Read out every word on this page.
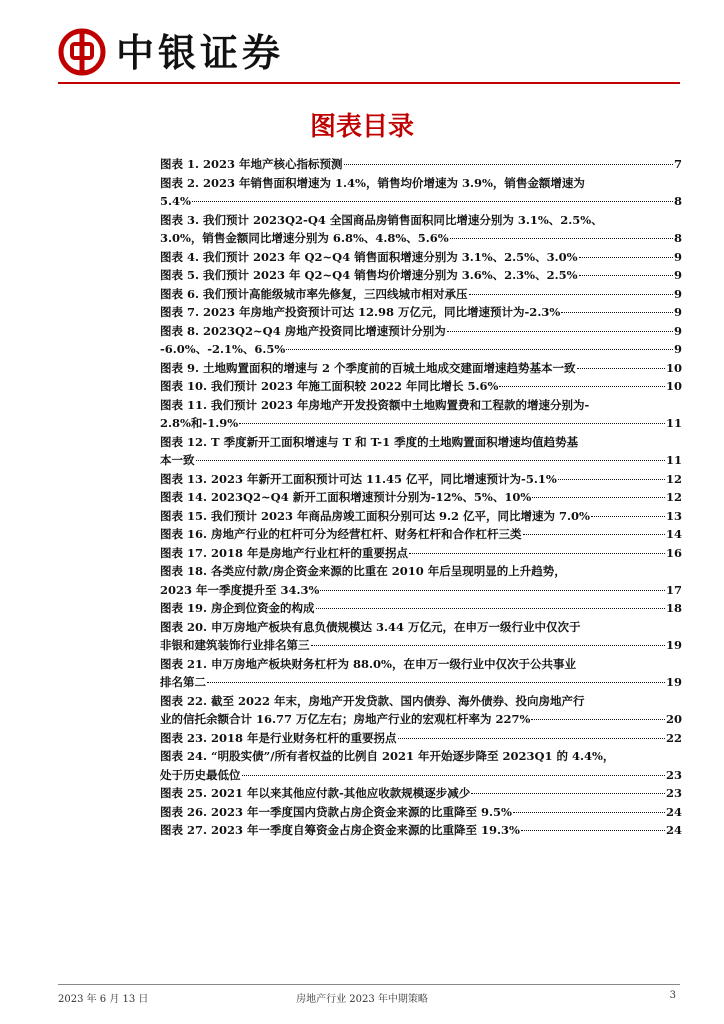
中银证券
图表目录
图表 1. 2023 年地产核心指标预测	7
图表 2. 2023 年销售面积增速为 1.4%，销售均价增速为 3.9%，销售金额增速为
5.4%	8
图表 3. 我们预计 2023Q2-Q4 全国商品房销售面积同比增速分别为 3.1%、2.5%、
3.0%，销售金额同比增速分别为 6.8%、4.8%、5.6%	8
图表 4. 我们预计 2023 年 Q2~Q4 销售面积增速分别为 3.1%、2.5%、3.0%	9
图表 5. 我们预计 2023 年 Q2~Q4 销售均价增速分别为 3.6%、2.3%、2.5%	9
图表 6. 我们预计高能级城市率先修复，三四线城市相对承压	9
图表 7. 2023 年房地产投资预计可达 12.98 万亿元，同比增速预计为-2.3%	9
图表 8. 2023Q2~Q4 房地产投资同比增速预计分别为	9
-6.0%、-2.1%、6.5%	9
图表 9. 土地购置面积的增速与 2 个季度前的百城土地成交建面增速趋势基本一致	10
图表 10. 我们预计 2023 年施工面积较 2022 年同比增长 5.6%	10
图表 11. 我们预计 2023 年房地产开发投资额中土地购置费和工程款的增速分别为-
2.8%和-1.9%	11
图表 12. T 季度新开工面积增速与 T 和 T-1 季度的土地购置面积增速均值趋势基
本一致	11
图表 13. 2023 年新开工面积预计可达 11.45 亿平，同比增速预计为-5.1%	12
图表 14. 2023Q2~Q4 新开工面积增速预计分别为-12%、5%、10%	12
图表 15. 我们预计 2023 年商品房竣工面积分别可达 9.2 亿平，同比增速为 7.0%	13
图表 16. 房地产行业的杠杆可分为经营杠杆、财务杠杆和合作杠杆三类	14
图表 17. 2018 年是房地产行业杠杆的重要拐点	16
图表 18. 各类应付款/房企资金来源的比重在 2010 年后呈现明显的上升趋势，
2023 年一季度提升至 34.3%	17
图表 19. 房企到位资金的构成	18
图表 20. 申万房地产板块有息负债规模达 3.44 万亿元，在申万一级行业中仅次于
非银和建筑装饰行业排名第三	19
图表 21. 申万房地产板块财务杠杆为 88.0%，在申万一级行业中仅次于公共事业
排名第二	19
图表 22. 截至 2022 年末，房地产开发贷款、国内债券、海外债券、投向房地产行
业的信托余额合计 16.77 万亿左右；房地产行业的宏观杠杆率为 227%	20
图表 23. 2018 年是行业财务杠杆的重要拐点	22
图表 24. “明股实债”/所有者权益的比例自 2021 年开始逐步降至 2023Q1 的 4.4%，
处于历史最低位	23
图表 25. 2021 年以来其他应付款-其他应收款规模逐步减少	23
图表 26. 2023 年一季度国内贷款占房企资金来源的比重降至 9.5%	24
图表 27. 2023 年一季度自筹资金占房企资金来源的比重降至 19.3%	24
2023 年 6 月 13 日	房地产行业 2023 年中期策略	3
